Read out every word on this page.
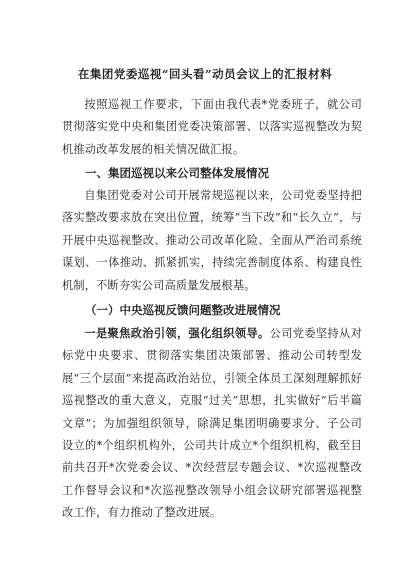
在集团党委巡视“回头看”动员会议上的汇报材料
按照巡视工作要求，下面由我代表*党委班子，就公司贯彻落实党中央和集团党委决策部署、以落实巡视整改为契机推动改革发展的相关情况做汇报。
一、集团巡视以来公司整体发展情况
自集团党委对公司开展常规巡视以来，公司党委坚持把落实整改要求放在突出位置，统筹“当下改”和“长久立”，与开展中央巡视整改、推动公司改革化险、全面从严治司系统谋划、一体推动、抓紧抓实，持续完善制度体系、构建良性机制，不断夯实公司高质量发展根基。
（一）中央巡视反馈问题整改进展情况
一是聚焦政治引领，强化组织领导。公司党委坚持从对标党中央要求、贯彻落实集团决策部署、推动公司转型发展“三个层面”来提高政治站位，引领全体员工深刻理解抓好巡视整改的重大意义，克服“过关”思想，扎实做好“后半篇文章”；为加强组织领导，除满足集团明确要求分、子公司设立的*个组织机构外，公司共计成立*个组织机构，截至目前共召开*次党委会议、*次经营层专题会议、*次巡视整改工作督导会议和*次巡视整改领导小组会议研究部署巡视整改工作，有力推动了整改进展。
